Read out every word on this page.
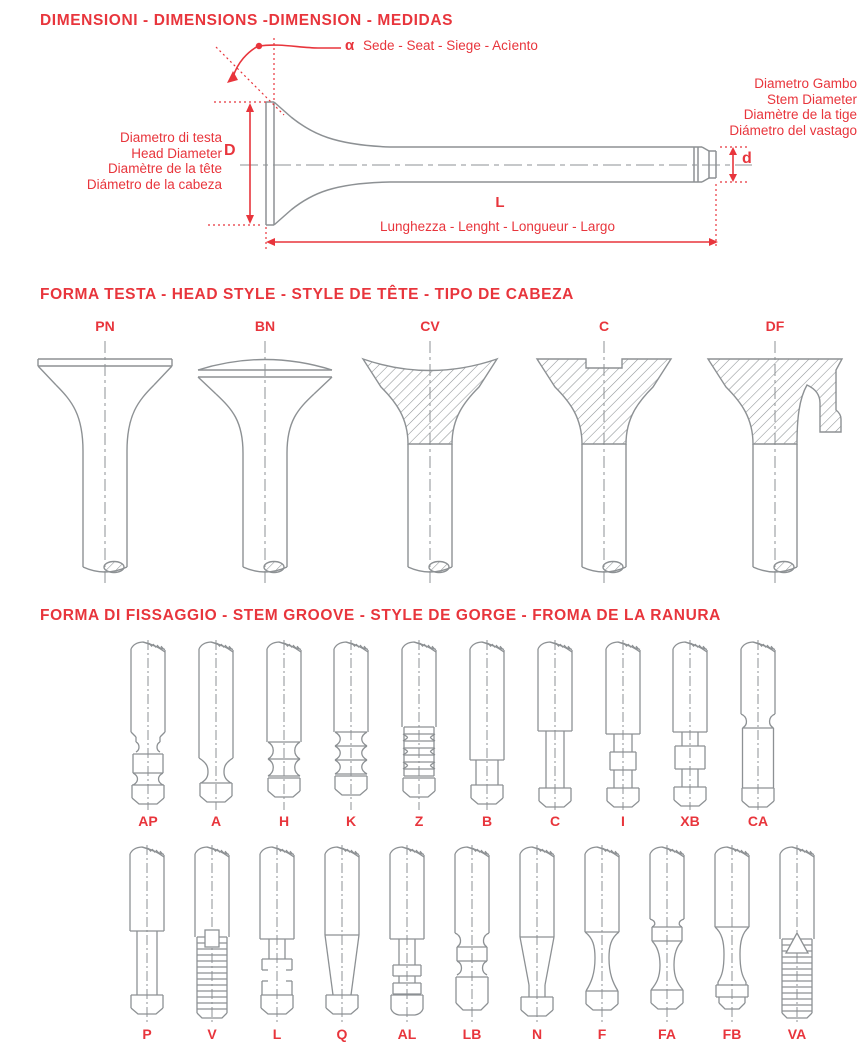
DIMENSIONI - DIMENSIONS -DIMENSION - MEDIDAS
α Sede - Seat - Siege - Acìento
Diametro Gambo
Stem Diameter
Diamètre de la tige
Diámetro del vastago
d
Diametro di testa
Head Diameter
Diamètre de la tête
Diámetro de la cabeza
D
L
Lunghezza - Lenght - Longueur - Largo
FORMA TESTA - HEAD STYLE - STYLE DE TÊTE - TIPO DE CABEZA
PN	BN	CV	C	DF
FORMA DI FISSAGGIO - STEM GROOVE - STYLE DE GORGE - FROMA DE LA RANURA
AP	A	H	K	Z	B	C	I	XB	CA
P	V	L	Q	AL	LB	N	F	FA	FB	VA
